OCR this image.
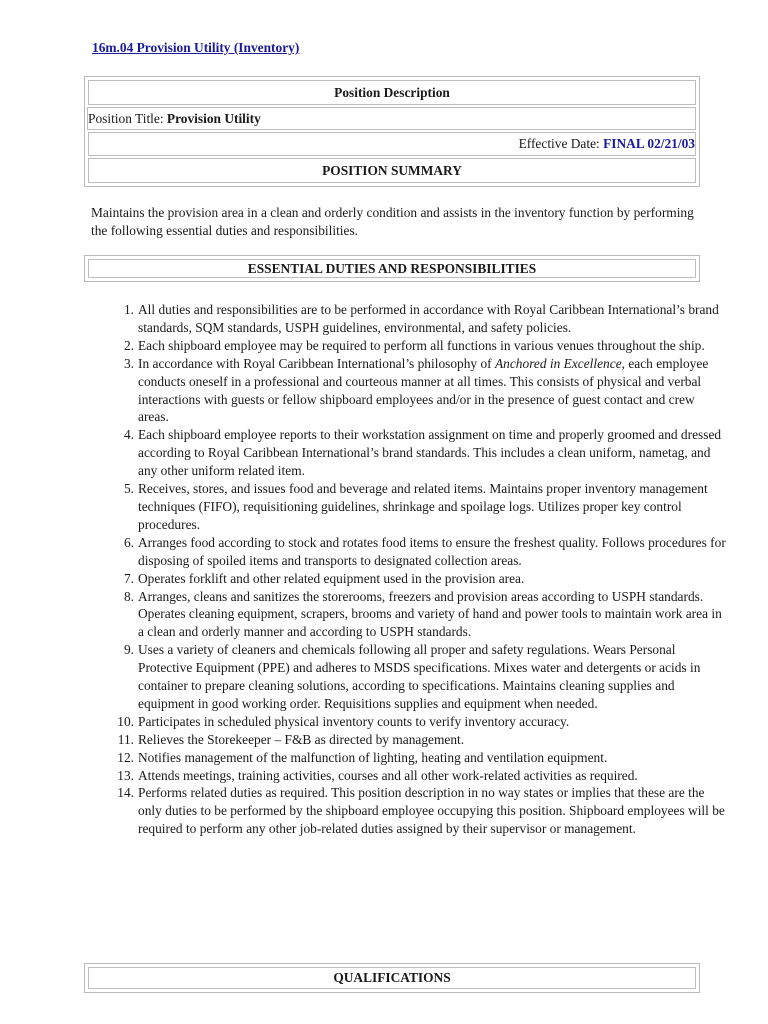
16m.04 Provision Utility (Inventory)
Position Description
Position Title:
Provision Utility
Effective Date:
FINAL 02/21/03
POSITION SUMMARY
Maintains the provision area in a clean and orderly condition and assists in the inventory function by performing the following essential duties and responsibilities.
ESSENTIAL DUTIES AND RESPONSIBILITIES
1. All duties and responsibilities are to be performed in accordance with Royal Caribbean International’s brand standards, SQM standards, USPH guidelines, environmental, and safety policies.
2. Each shipboard employee may be required to perform all functions in various venues throughout the ship.
3. In accordance with Royal Caribbean International’s philosophy of Anchored in Excellence, each employee conducts oneself in a professional and courteous manner at all times. This consists of physical and verbal interactions with guests or fellow shipboard employees and/or in the presence of guest contact and crew areas.
4. Each shipboard employee reports to their workstation assignment on time and properly groomed and dressed according to Royal Caribbean International’s brand standards. This includes a clean uniform, nametag, and any other uniform related item.
5. Receives, stores, and issues food and beverage and related items. Maintains proper inventory management techniques (FIFO), requisitioning guidelines, shrinkage and spoilage logs. Utilizes proper key control procedures.
6. Arranges food according to stock and rotates food items to ensure the freshest quality. Follows procedures for disposing of spoiled items and transports to designated collection areas.
7. Operates forklift and other related equipment used in the provision area.
8. Arranges, cleans and sanitizes the storerooms, freezers and provision areas according to USPH standards. Operates cleaning equipment, scrapers, brooms and variety of hand and power tools to maintain work area in a clean and orderly manner and according to USPH standards.
9. Uses a variety of cleaners and chemicals following all proper and safety regulations. Wears Personal Protective Equipment (PPE) and adheres to MSDS specifications. Mixes water and detergents or acids in container to prepare cleaning solutions, according to specifications. Maintains cleaning supplies and equipment in good working order. Requisitions supplies and equipment when needed.
10. Participates in scheduled physical inventory counts to verify inventory accuracy.
11. Relieves the Storekeeper – F&B as directed by management.
12. Notifies management of the malfunction of lighting, heating and ventilation equipment.
13. Attends meetings, training activities, courses and all other work-related activities as required.
14. Performs related duties as required. This position description in no way states or implies that these are the only duties to be performed by the shipboard employee occupying this position. Shipboard employees will be required to perform any other job-related duties assigned by their supervisor or management.
QUALIFICATIONS
